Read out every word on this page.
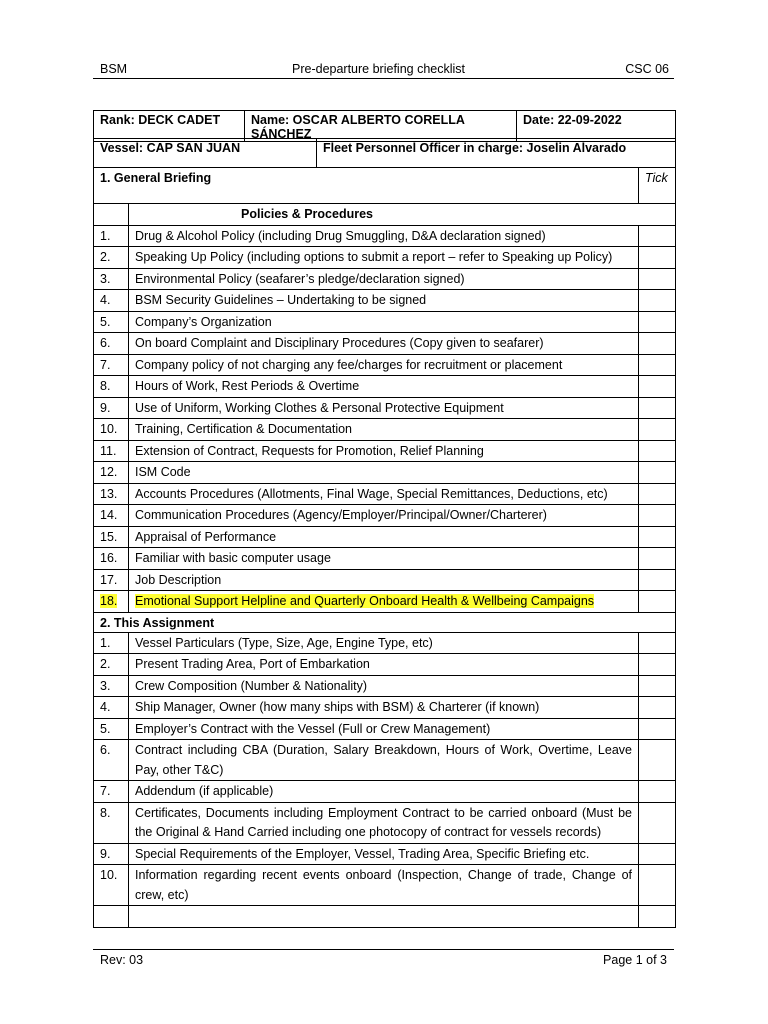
BSM	Pre-departure briefing checklist	CSC 06
Rank: DECK CADET	Name: OSCAR ALBERTO CORELLA SÁNCHEZ	Date: 22-09-2022
Vessel: CAP SAN JUAN	Fleet Personnel Officer in charge: Joselin Alvarado
1. General Briefing		Tick
	Policies & Procedures	
1.	Drug & Alcohol Policy (including Drug Smuggling, D&A declaration signed)	
2.	Speaking Up Policy (including options to submit a report – refer to Speaking up Policy)	
3.	Environmental Policy (seafarer’s pledge/declaration signed)	
4.	BSM Security Guidelines – Undertaking to be signed	
5.	Company’s Organization	
6.	On board Complaint and Disciplinary Procedures (Copy given to seafarer)	
7.	Company policy of not charging any fee/charges for recruitment or placement	
8.	Hours of Work, Rest Periods & Overtime	
9.	Use of Uniform, Working Clothes & Personal Protective Equipment	
10.	Training, Certification & Documentation	
11.	Extension of Contract, Requests for Promotion, Relief Planning	
12.	ISM Code	
13.	Accounts Procedures (Allotments, Final Wage, Special Remittances, Deductions, etc)	
14.	Communication Procedures (Agency/Employer/Principal/Owner/Charterer)	
15.	Appraisal of Performance	
16.	Familiar with basic computer usage	
17.	Job Description	
18.	Emotional Support Helpline and Quarterly Onboard Health & Wellbeing Campaigns	
2. This Assignment		
1.	Vessel Particulars (Type, Size, Age, Engine Type, etc)	
2.	Present Trading Area, Port of Embarkation	
3.	Crew Composition (Number & Nationality)	
4.	Ship Manager, Owner (how many ships with BSM) & Charterer (if known)	
5.	Employer’s Contract with the Vessel (Full or Crew Management)	
6.	Contract including CBA (Duration, Salary Breakdown, Hours of Work, Overtime, Leave Pay, other T&C)	
7.	Addendum (if applicable)	
8.	Certificates, Documents including Employment Contract to be carried onboard (Must be the Original & Hand Carried including one photocopy of contract for vessels records)	
9.	Special Requirements of the Employer, Vessel, Trading Area, Specific Briefing etc.	
10.	Information regarding recent events onboard (Inspection, Change of trade, Change of crew, etc)	

Rev: 03	Page 1 of 3
